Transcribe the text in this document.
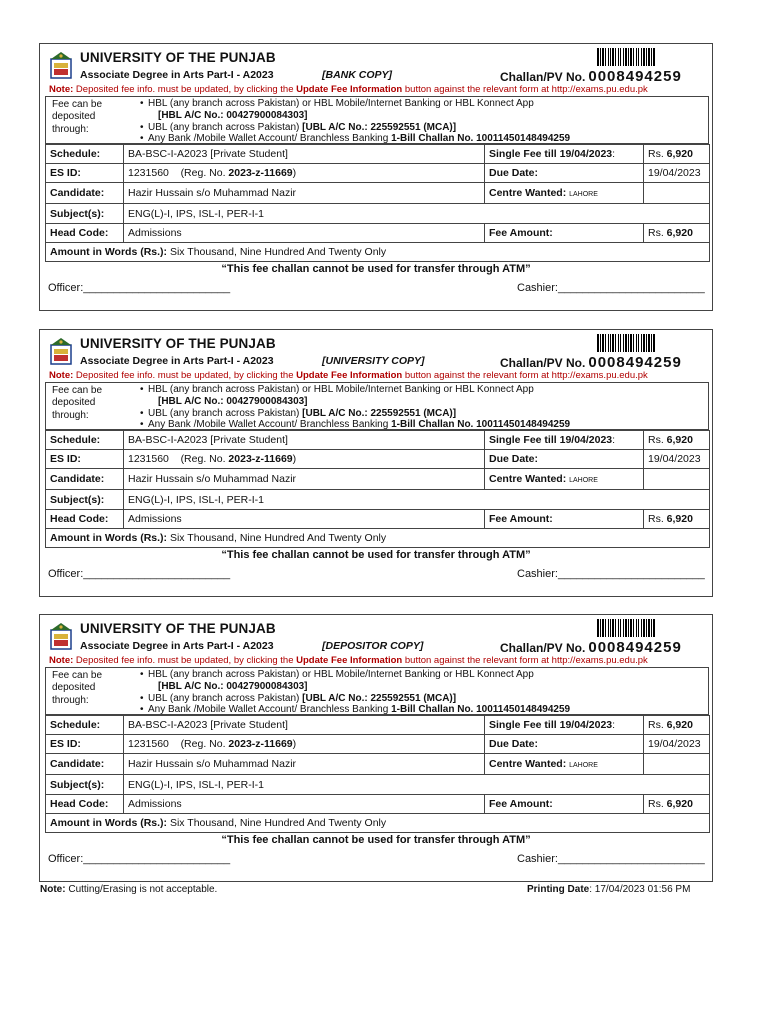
UNIVERSITY OF THE PUNJAB
Associate Degree in Arts Part-I - A2023	[BANK COPY]	Challan/PV No. 0008494259
Note: Deposited fee info. must be updated, by clicking the Update Fee Information button against the relevant form at http://exams.pu.edu.pk
Fee can be deposited through:
• HBL (any branch across Pakistan) or HBL Mobile/Internet Banking or HBL Konnect App
[HBL A/C No.: 00427900084303]
• UBL (any branch across Pakistan) [UBL A/C No.: 225592551 (MCA)]
• Any Bank /Mobile Wallet Account/ Branchless Banking 1-Bill Challan No. 10011450148494259
Schedule:	BA-BSC-I-A2023 [Private Student]	Single Fee till 19/04/2023:	Rs. 6,920
ES ID:	1231560 (Reg. No. 2023-z-11669)	Due Date:	19/04/2023
Candidate:	Hazir Hussain s/o Muhammad Nazir	Centre Wanted: LAHORE	
Subject(s):	ENG(L)-I, IPS, ISL-I, PER-I-1		
Head Code:	Admissions	Fee Amount:	Rs. 6,920
Amount in Words (Rs.): Six Thousand, Nine Hundred And Twenty Only			
“This fee challan cannot be used for transfer through ATM”
Officer:________________________	Cashier:________________________
UNIVERSITY OF THE PUNJAB
Associate Degree in Arts Part-I - A2023	[UNIVERSITY COPY]	Challan/PV No. 0008494259
Note: Deposited fee info. must be updated, by clicking the Update Fee Information button against the relevant form at http://exams.pu.edu.pk
Fee can be deposited through:
• HBL (any branch across Pakistan) or HBL Mobile/Internet Banking or HBL Konnect App
[HBL A/C No.: 00427900084303]
• UBL (any branch across Pakistan) [UBL A/C No.: 225592551 (MCA)]
• Any Bank /Mobile Wallet Account/ Branchless Banking 1-Bill Challan No. 10011450148494259
Schedule:	BA-BSC-I-A2023 [Private Student]	Single Fee till 19/04/2023:	Rs. 6,920
ES ID:	1231560 (Reg. No. 2023-z-11669)	Due Date:	19/04/2023
Candidate:	Hazir Hussain s/o Muhammad Nazir	Centre Wanted: LAHORE	
Subject(s):	ENG(L)-I, IPS, ISL-I, PER-I-1		
Head Code:	Admissions	Fee Amount:	Rs. 6,920
Amount in Words (Rs.): Six Thousand, Nine Hundred And Twenty Only			
“This fee challan cannot be used for transfer through ATM”
Officer:________________________	Cashier:________________________
UNIVERSITY OF THE PUNJAB
Associate Degree in Arts Part-I - A2023	[DEPOSITOR COPY]	Challan/PV No. 0008494259
Note: Deposited fee info. must be updated, by clicking the Update Fee Information button against the relevant form at http://exams.pu.edu.pk
Fee can be deposited through:
• HBL (any branch across Pakistan) or HBL Mobile/Internet Banking or HBL Konnect App
[HBL A/C No.: 00427900084303]
• UBL (any branch across Pakistan) [UBL A/C No.: 225592551 (MCA)]
• Any Bank /Mobile Wallet Account/ Branchless Banking 1-Bill Challan No. 10011450148494259
Schedule:	BA-BSC-I-A2023 [Private Student]	Single Fee till 19/04/2023:	Rs. 6,920
ES ID:	1231560 (Reg. No. 2023-z-11669)	Due Date:	19/04/2023
Candidate:	Hazir Hussain s/o Muhammad Nazir	Centre Wanted: LAHORE	
Subject(s):	ENG(L)-I, IPS, ISL-I, PER-I-1		
Head Code:	Admissions	Fee Amount:	Rs. 6,920
Amount in Words (Rs.): Six Thousand, Nine Hundred And Twenty Only			
“This fee challan cannot be used for transfer through ATM”
Officer:________________________	Cashier:________________________
Note: Cutting/Erasing is not acceptable.	Printing Date: 17/04/2023 01:56 PM
